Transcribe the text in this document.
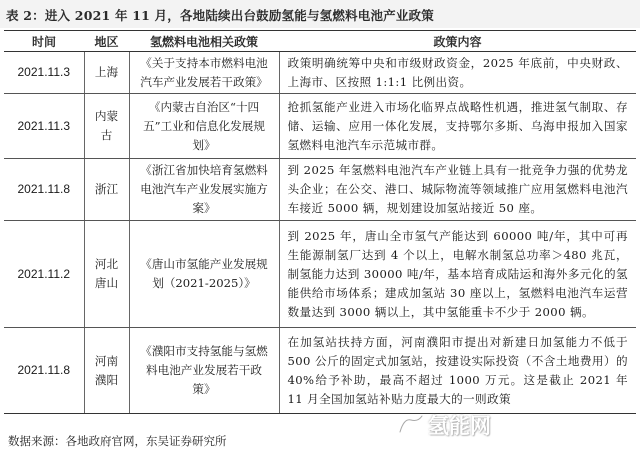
表 2：进入 2021 年 11 月，各地陆续出台鼓励氢能与氢燃料电池产业政策
时间	地区	氢燃料电池相关政策	政策内容
2021.11.3	上海	《关于支持本市燃料电池汽车产业发展若干政策》	政策明确统筹中央和市级财政资金，2025 年底前，中央财政、上海市、区按照 1:1:1 比例出资。
2021.11.3	内蒙古	《内蒙古自治区“十四五”工业和信息化发展规划》	抢抓氢能产业进入市场化临界点战略性机遇，推进氢气制取、存储、运输、应用一体化发展，支持鄂尔多斯、乌海申报加入国家氢燃料电池汽车示范城市群。
2021.11.8	浙江	《浙江省加快培育氢燃料电池汽车产业发展实施方案》	到 2025 年氢燃料电池汽车产业链上具有一批竞争力强的优势龙头企业；在公交、港口、城际物流等领域推广应用氢燃料电池汽车接近 5000 辆，规划建设加氢站接近 50 座。
2021.11.2	河北唐山	《唐山市氢能产业发展规划（2021-2025）》	到 2025 年，唐山全市氢气产能达到 60000 吨/年，其中可再生能源制氢厂达到 4 个以上，电解水制氢总功率＞480 兆瓦，制氢能力达到 30000 吨/年，基本培育成陆运和海外多元化的氢能供给市场体系；建成加氢站 30 座以上，氢燃料电池汽车运营数量达到 3000 辆以上，其中氢能重卡不少于 2000 辆。
2021.11.8	河南濮阳	《濮阳市支持氢能与氢燃料电池产业发展若干政策》	在加氢站扶持方面，河南濮阳市提出对新建日加氢能力不低于 500 公斤的固定式加氢站，按建设实际投资（不含土地费用）的 40%给予补助，最高不超过 1000 万元。这是截止 2021 年 11 月全国加氢站补贴力度最大的一则政策
数据来源：各地政府官网，东吴证券研究所
氢能网
